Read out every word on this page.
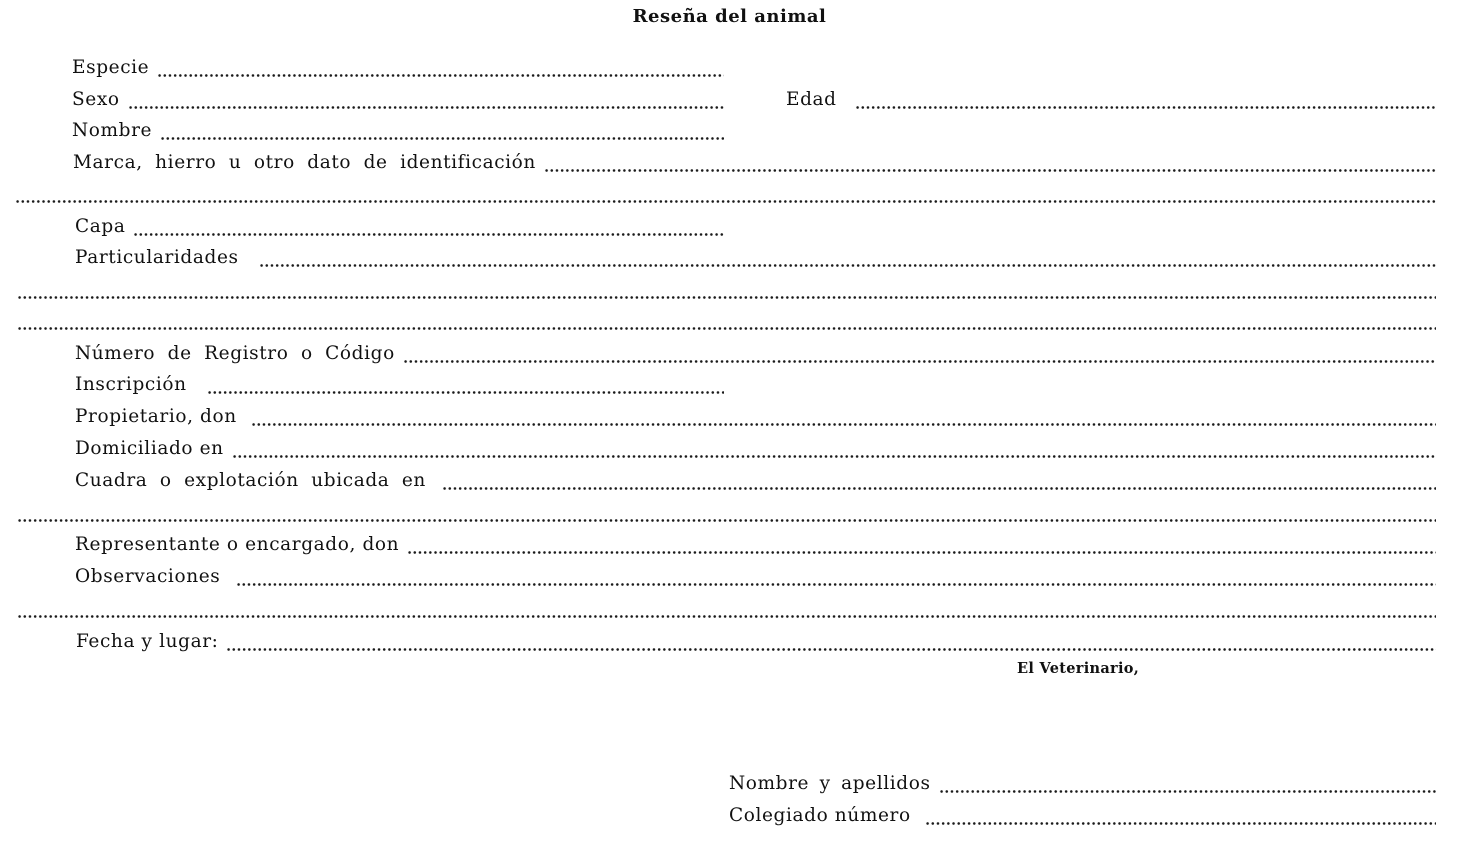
Reseña del animal
Especie
Sexo	Edad
Nombre
Marca, hierro u otro dato de identificación
Capa
Particularidades
Número de Registro o Código
Inscripción
Propietario, don
Domiciliado en
Cuadra o explotación ubicada en
Representante o encargado, don
Observaciones
Fecha y lugar:
El Veterinario,
Nombre y apellidos
Colegiado número
